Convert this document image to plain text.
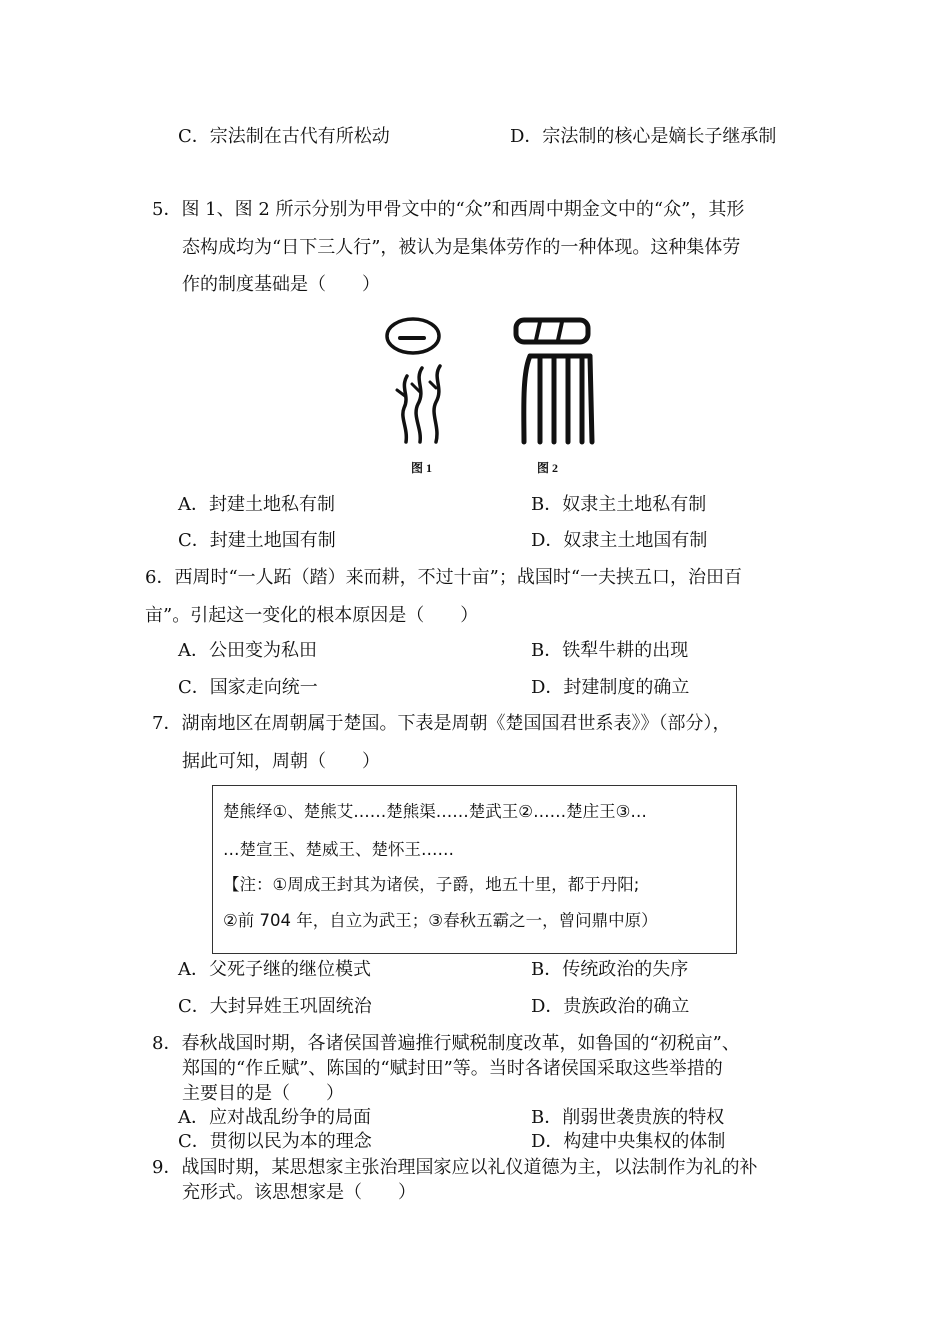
C．宗法制在古代有所松动	D．宗法制的核心是嫡长子继承制
5．图 1、图 2 所示分别为甲骨文中的“众”和西周中期金文中的“众”，其形
态构成均为“日下三人行”，被认为是集体劳作的一种体现。这种集体劳
作的制度基础是（　　）
图 1	图 2
A．封建土地私有制	B．奴隶主土地私有制
C．封建土地国有制	D．奴隶主土地国有制
6．西周时“一人跖（踏）来而耕，不过十亩”；战国时“一夫挟五口，治田百
亩”。引起这一变化的根本原因是（　　）
A．公田变为私田	B．铁犁牛耕的出现
C．国家走向统一	D．封建制度的确立
7．湖南地区在周朝属于楚国。下表是周朝《楚国国君世系表》》（部分），
据此可知，周朝（　　）
楚熊绎①、楚熊艾……楚熊渠……楚武王②……楚庄王③…
…楚宣王、楚威王、楚怀王……
【注：①周成王封其为诸侯，子爵，地五十里，都于丹阳;
②前 704 年，自立为武王；③春秋五霸之一，曾问鼎中原）
A．父死子继的继位模式	B．传统政治的失序
C．大封异姓王巩固统治	D．贵族政治的确立
8．春秋战国时期，各诸侯国普遍推行赋税制度改革，如鲁国的“初税亩”、
郑国的“作丘赋”、陈国的“赋封田”等。当时各诸侯国采取这些举措的
主要目的是（　　）
A．应对战乱纷争的局面	B．削弱世袭贵族的特权
C．贯彻以民为本的理念	D．构建中央集权的体制
9．战国时期，某思想家主张治理国家应以礼仪道德为主，以法制作为礼的补
充形式。该思想家是（　　）
